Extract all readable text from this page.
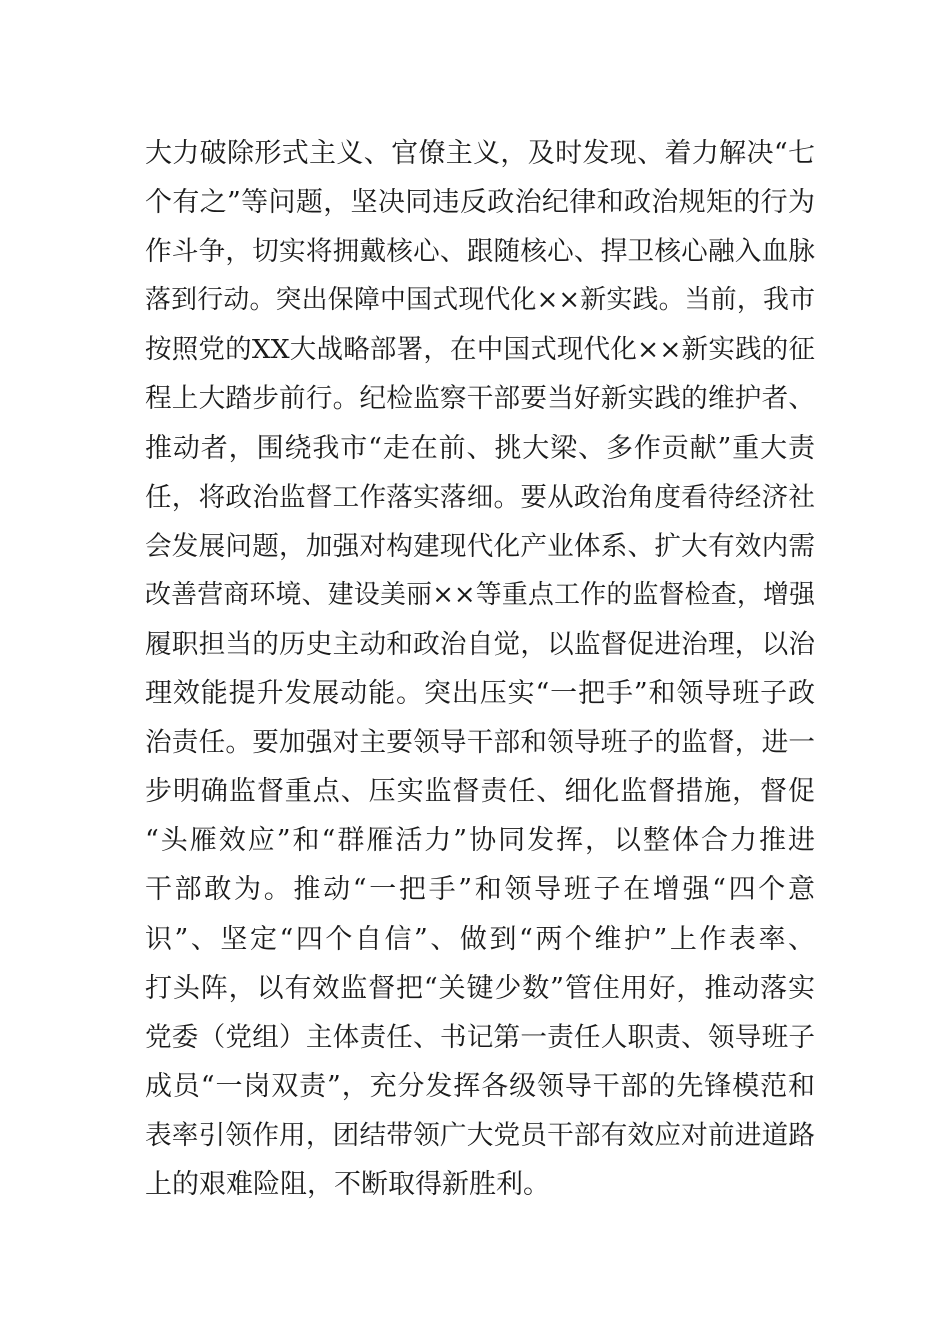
大力破除形式主义、官僚主义，及时发现、着力解决“七
个有之”等问题，坚决同违反政治纪律和政治规矩的行为
作斗争，切实将拥戴核心、跟随核心、捍卫核心融入血脉
落到行动。突出保障中国式现代化××新实践。当前，我市
按照党的XX大战略部署，在中国式现代化××新实践的征
程上大踏步前行。纪检监察干部要当好新实践的维护者、
推动者，围绕我市“走在前、挑大梁、多作贡献”重大责
任，将政治监督工作落实落细。要从政治角度看待经济社
会发展问题，加强对构建现代化产业体系、扩大有效内需
改善营商环境、建设美丽××等重点工作的监督检查，增强
履职担当的历史主动和政治自觉，以监督促进治理，以治
理效能提升发展动能。突出压实“一把手”和领导班子政
治责任。要加强对主要领导干部和领导班子的监督，进一
步明确监督重点、压实监督责任、细化监督措施，督促
“头雁效应”和“群雁活力”协同发挥，以整体合力推进
干部敢为。推动“一把手”和领导班子在增强“四个意
识”、坚定“四个自信”、做到“两个维护”上作表率、
打头阵，以有效监督把“关键少数”管住用好，推动落实
党委（党组）主体责任、书记第一责任人职责、领导班子
成员“一岗双责”，充分发挥各级领导干部的先锋模范和
表率引领作用，团结带领广大党员干部有效应对前进道路
上的艰难险阻，不断取得新胜利。
